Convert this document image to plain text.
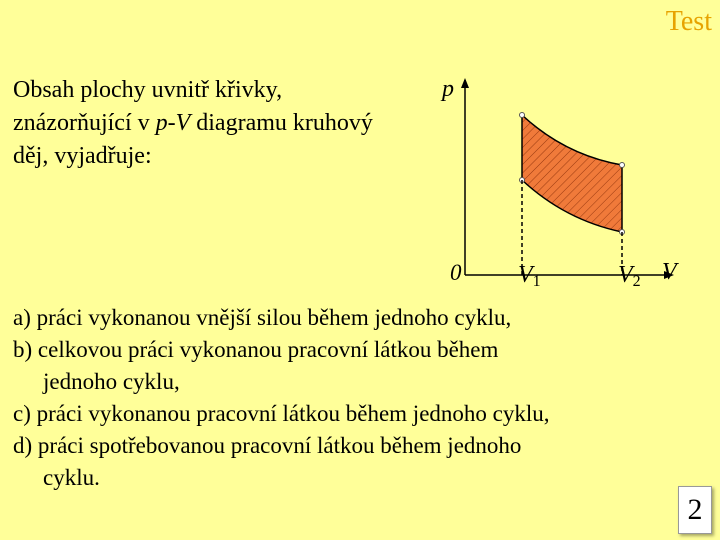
Test
Obsah plochy uvnitř křivky, znázorňující v p-V diagramu kruhový děj, vyjadřuje:
p
V
0 V1	V2
a) práci vykonanou vnější silou během jednoho cyklu,
b) celkovou práci vykonanou pracovní látkou během
jednoho cyklu,
c) práci vykonanou pracovní látkou během jednoho cyklu,
d) práci spotřebovanou pracovní látkou během jednoho
cyklu.
2
